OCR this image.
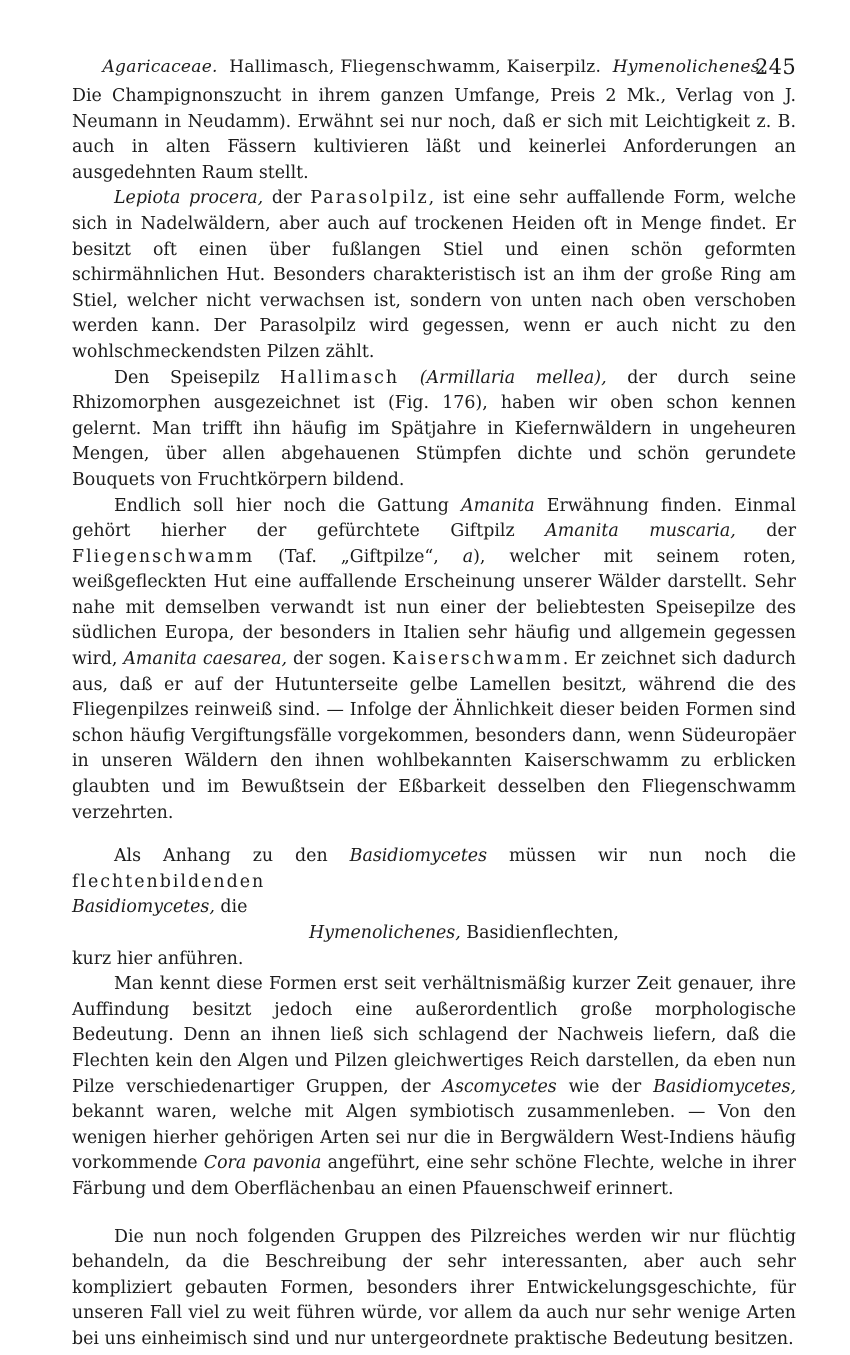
Agaricaceae. Hallimasch, Fliegenschwamm, Kaiserpilz. Hymenolichenes.
245

Die Champignonszucht in ihrem ganzen Umfange, Preis 2 Mk., Verlag von J. Neumann in Neudamm). Erwähnt sei nur noch, daß er sich mit Leichtigkeit z. B. auch in alten Fässern kultivieren läßt und keinerlei Anforderungen an ausgedehnten Raum stellt.

Lepiota procera, der Parasolpilz, ist eine sehr auffallende Form, welche sich in Nadelwäldern, aber auch auf trockenen Heiden oft in Menge findet. Er besitzt oft einen über fußlangen Stiel und einen schön geformten schirmähnlichen Hut. Besonders charakteristisch ist an ihm der große Ring am Stiel, welcher nicht verwachsen ist, sondern von unten nach oben verschoben werden kann. Der Parasolpilz wird gegessen, wenn er auch nicht zu den wohlschmeckendsten Pilzen zählt.

Den Speisepilz Hallimasch (Armillaria mellea), der durch seine Rhizomorphen ausgezeichnet ist (Fig. 176), haben wir oben schon kennen gelernt. Man trifft ihn häufig im Spätjahre in Kiefernwäldern in ungeheuren Mengen, über allen abgehauenen Stümpfen dichte und schön gerundete Bouquets von Fruchtkörpern bildend.

Endlich soll hier noch die Gattung Amanita Erwähnung finden. Einmal gehört hierher der gefürchtete Giftpilz Amanita muscaria, der Fliegenschwamm (Taf. „Giftpilze“, a), welcher mit seinem roten, weißgefleckten Hut eine auffallende Erscheinung unserer Wälder darstellt. Sehr nahe mit demselben verwandt ist nun einer der beliebtesten Speisepilze des südlichen Europa, der besonders in Italien sehr häufig und allgemein gegessen wird, Amanita caesarea, der sogen. Kaiserschwamm. Er zeichnet sich dadurch aus, daß er auf der Hutunterseite gelbe Lamellen besitzt, während die des Fliegenpilzes reinweiß sind. — Infolge der Ähnlichkeit dieser beiden Formen sind schon häufig Vergiftungsfälle vorgekommen, besonders dann, wenn Südeuropäer in unseren Wäldern den ihnen wohlbekannten Kaiserschwamm zu erblicken glaubten und im Bewußtsein der Eßbarkeit desselben den Fliegenschwamm verzehrten.

Als Anhang zu den Basidiomycetes müssen wir nun noch die flechtenbildenden
Basidiomycetes, die

Hymenolichenes, Basidienflechten,

kurz hier anführen.

Man kennt diese Formen erst seit verhältnismäßig kurzer Zeit genauer, ihre Auffindung besitzt jedoch eine außerordentlich große morphologische Bedeutung. Denn an ihnen ließ sich schlagend der Nachweis liefern, daß die Flechten kein den Algen und Pilzen gleichwertiges Reich darstellen, da eben nun Pilze verschiedenartiger Gruppen, der Ascomycetes wie der Basidiomycetes, bekannt waren, welche mit Algen symbiotisch zusammenleben. — Von den wenigen hierher gehörigen Arten sei nur die in Bergwäldern West-Indiens häufig vorkommende Cora pavonia angeführt, eine sehr schöne Flechte, welche in ihrer Färbung und dem Oberflächenbau an einen Pfauenschweif erinnert.

Die nun noch folgenden Gruppen des Pilzreiches werden wir nur flüchtig behandeln, da die Beschreibung der sehr interessanten, aber auch sehr kompliziert gebauten Formen, besonders ihrer Entwickelungsgeschichte, für unseren Fall viel zu weit führen würde, vor allem da auch nur sehr wenige Arten bei uns einheimisch sind und nur untergeordnete praktische Bedeutung besitzen.
